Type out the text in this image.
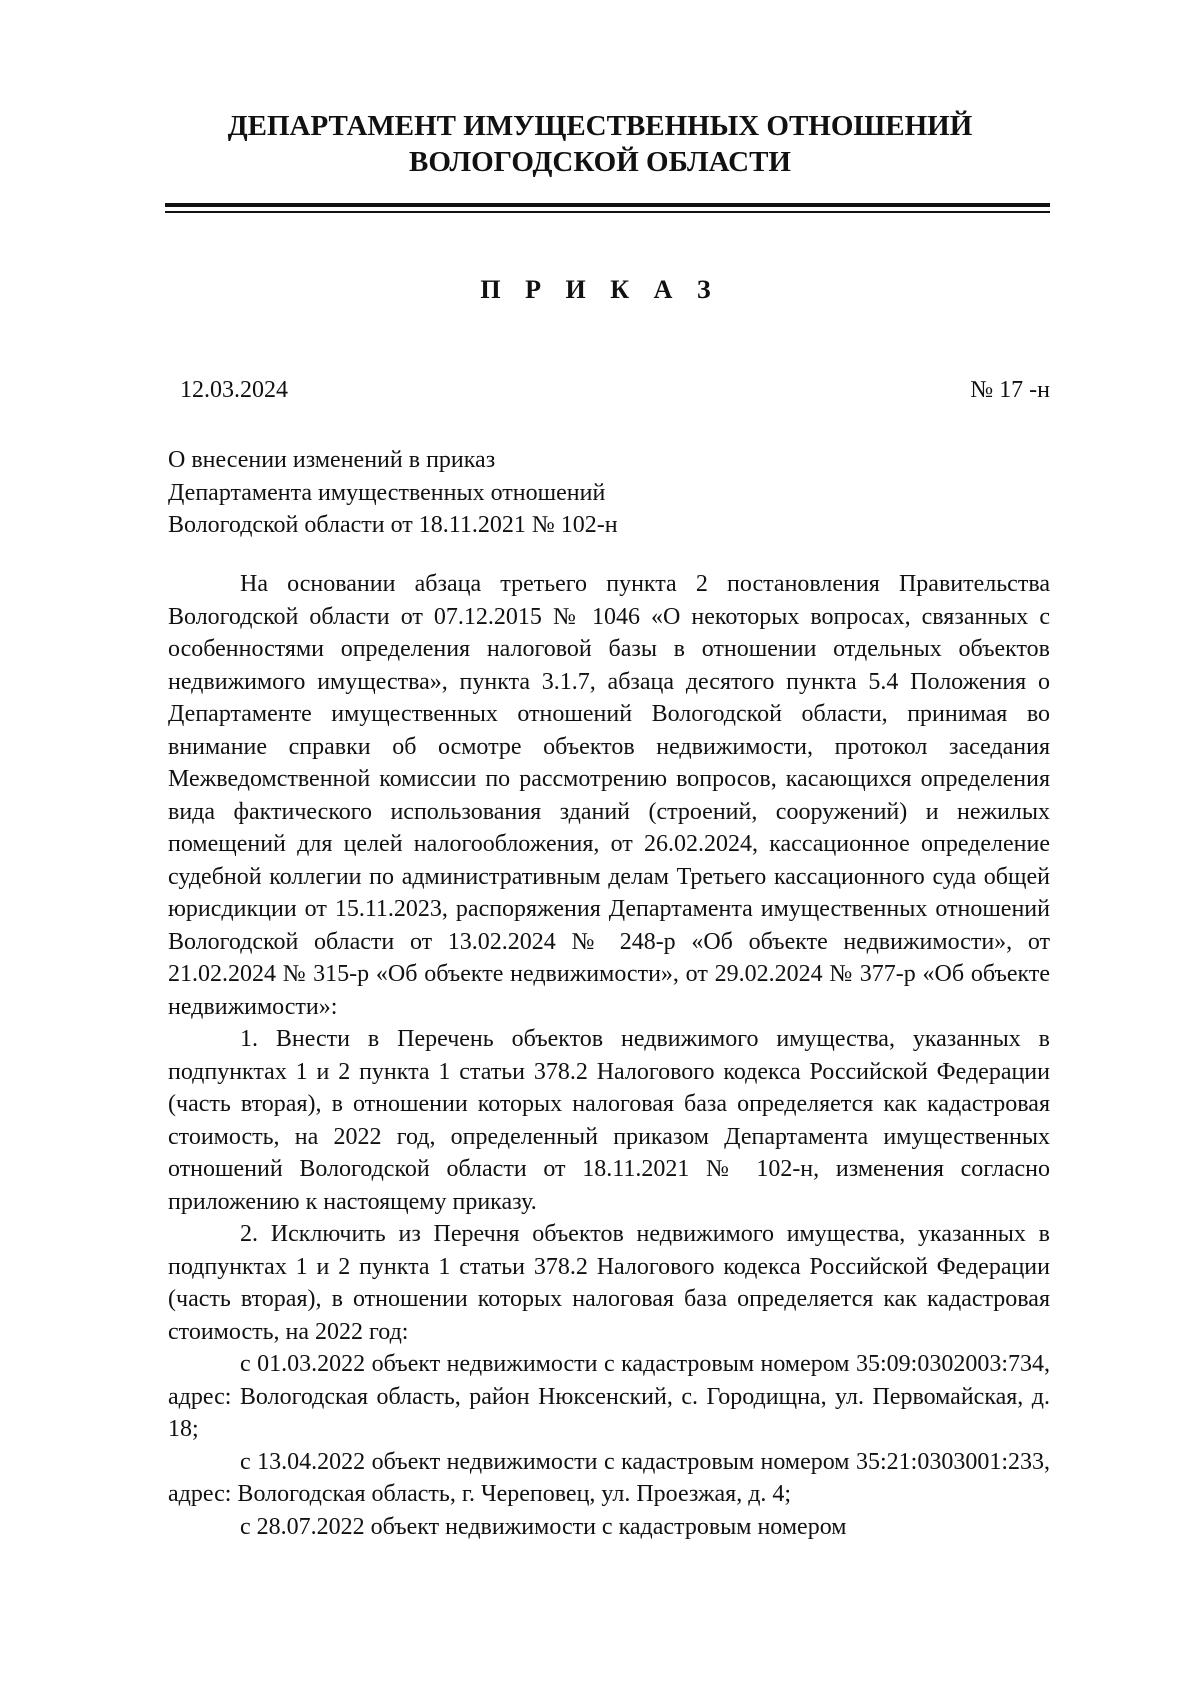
ДЕПАРТАМЕНТ ИМУЩЕСТВЕННЫХ ОТНОШЕНИЙ
ВОЛОГОДСКОЙ ОБЛАСТИ
П Р И К А З
12.03.2024	№ 17 -н
О внесении изменений в приказ
Департамента имущественных отношений
Вологодской области от 18.11.2021 № 102-н

На основании абзаца третьего пункта 2 постановления Правительства Вологодской области от 07.12.2015 № 1046 «О некоторых вопросах, связанных с особенностями определения налоговой базы в отношении отдельных объектов недвижимого имущества», пункта 3.1.7, абзаца десятого пункта 5.4 Положения о Департаменте имущественных отношений Вологодской области, принимая во внимание справки об осмотре объектов недвижимости, протокол заседания Межведомственной комиссии по рассмотрению вопросов, касающихся определения вида фактического использования зданий (строений, сооружений) и нежилых помещений для целей налогообложения, от 26.02.2024, кассационное определение судебной коллегии по административным делам Третьего кассационного суда общей юрисдикции от 15.11.2023, распоряжения Департамента имущественных отношений Вологодской области от 13.02.2024 № 248-р «Об объекте недвижимости», от 21.02.2024 № 315-р «Об объекте недвижимости», от 29.02.2024 № 377-р «Об объекте недвижимости»:

1. Внести в Перечень объектов недвижимого имущества, указанных в подпунктах 1 и 2 пункта 1 статьи 378.2 Налогового кодекса Российской Федерации (часть вторая), в отношении которых налоговая база определяется как кадастровая стоимость, на 2022 год, определенный приказом Департамента имущественных отношений Вологодской области от 18.11.2021 № 102-н, изменения согласно приложению к настоящему приказу.

2. Исключить из Перечня объектов недвижимого имущества, указанных в подпунктах 1 и 2 пункта 1 статьи 378.2 Налогового кодекса Российской Федерации (часть вторая), в отношении которых налоговая база определяется как кадастровая стоимость, на 2022 год:

с 01.03.2022 объект недвижимости с кадастровым номером 35:09:0302003:734, адрес: Вологодская область, район Нюксенский, с. Городищна, ул. Первомайская, д. 18;

с 13.04.2022 объект недвижимости с кадастровым номером 35:21:0303001:233, адрес: Вологодская область, г. Череповец, ул. Проезжая, д. 4;

с 28.07.2022 объект недвижимости с кадастровым номером
